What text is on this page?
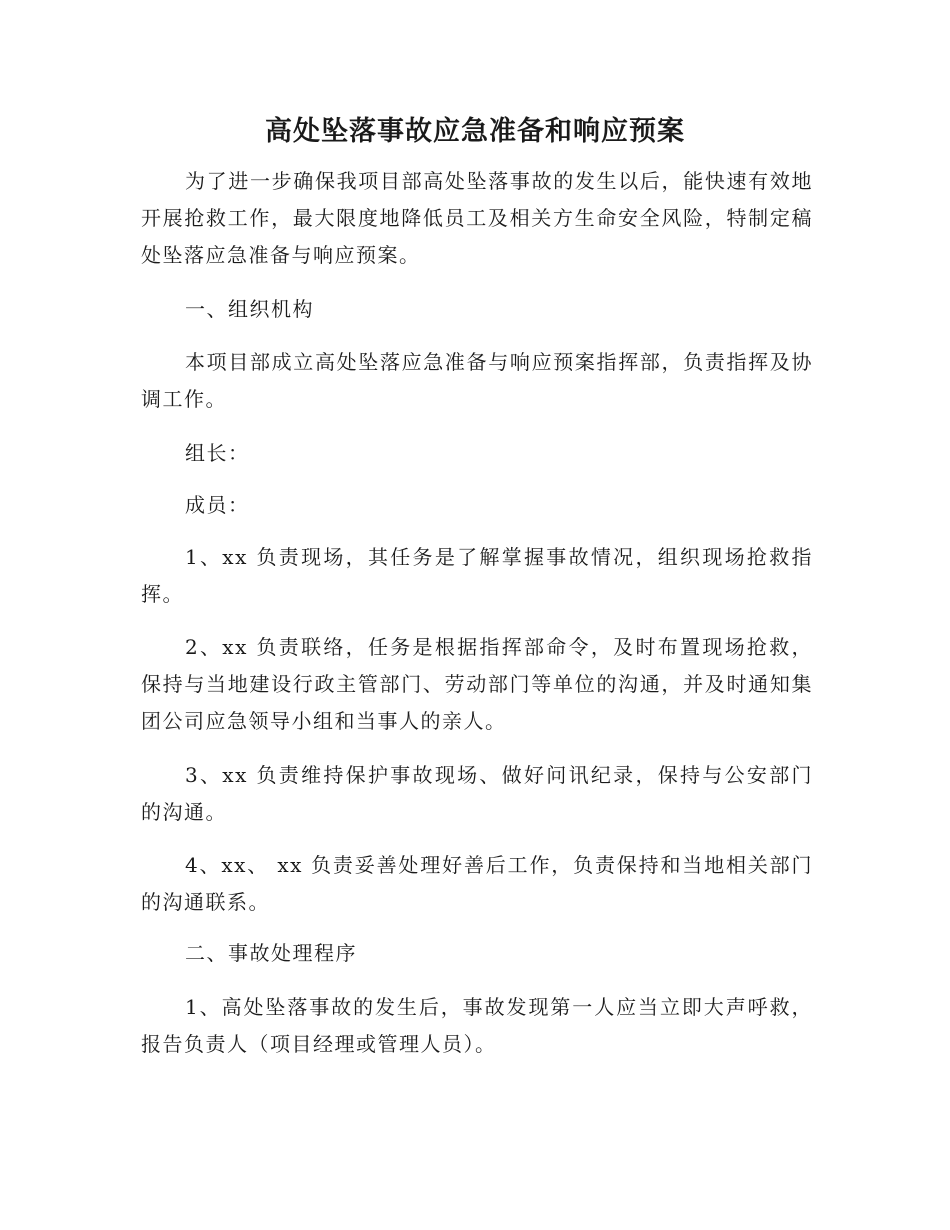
高处坠落事故应急准备和响应预案

为了进一步确保我项目部高处坠落事故的发生以后，能快速有效地开展抢救工作，最大限度地降低员工及相关方生命安全风险，特制定稿处坠落应急准备与响应预案。

一、组织机构

本项目部成立高处坠落应急准备与响应预案指挥部，负责指挥及协调工作。

组长：

成员：

1、xx 负责现场，其任务是了解掌握事故情况，组织现场抢救指挥。

2、xx 负责联络，任务是根据指挥部命令，及时布置现场抢救，保持与当地建设行政主管部门、劳动部门等单位的沟通，并及时通知集团公司应急领导小组和当事人的亲人。

3、xx 负责维持保护事故现场、做好问讯纪录，保持与公安部门的沟通。

4、xx、 xx 负责妥善处理好善后工作，负责保持和当地相关部门的沟通联系。

二、事故处理程序

1、高处坠落事故的发生后，事故发现第一人应当立即大声呼救，报告负责人（项目经理或管理人员）。
